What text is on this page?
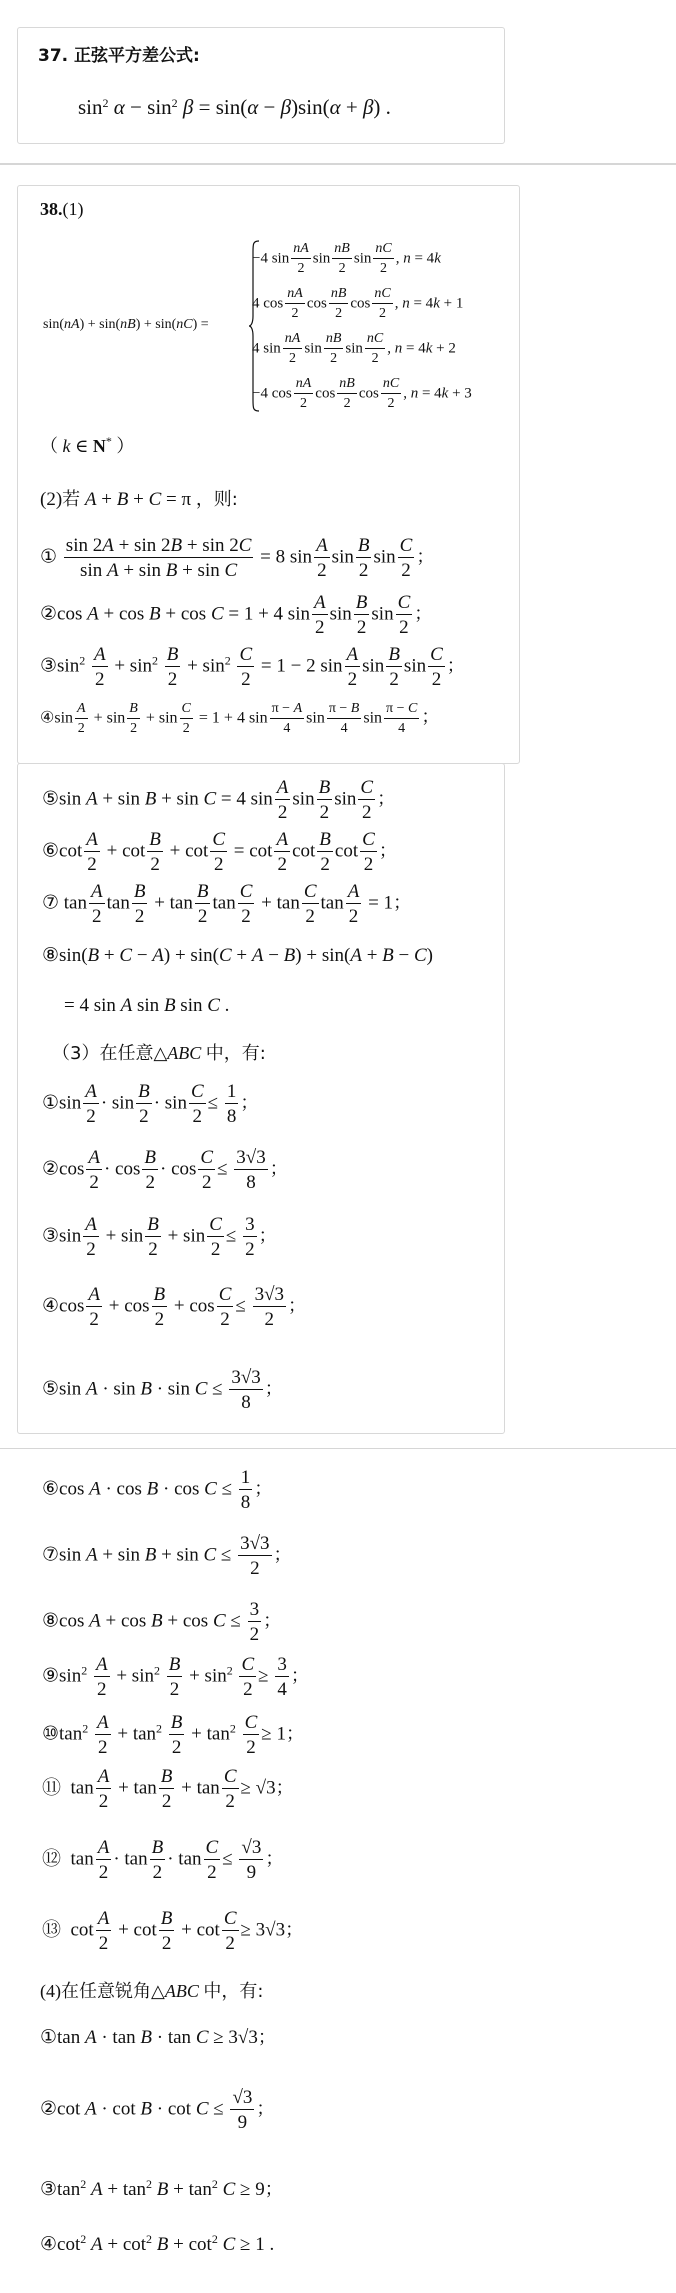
37. 正弦平方差公式:
$\sin^2 \alpha - \sin^2 \beta = \sin(\alpha - \beta)\sin(\alpha + \beta)$ .
38.(1)
sin(nA) + sin(nB) + sin(nC) =
−4 $\sin \frac{nA}{2}$ $\sin \frac{nB}{2}$ $\sin \frac{nC}{2}$ , n = 4k
4 $\cos \frac{nA}{2}$ $\cos \frac{nB}{2}$ $\cos \frac{nC}{2}$ , n = 4k + 1
4 $\sin \frac{nA}{2}$ $\sin \frac{nB}{2}$ $\sin \frac{nC}{2}$ , n = 4k + 2
−4 $\cos \frac{nA}{2}$ $\cos \frac{nB}{2}$ $\cos \frac{nC}{2}$ , n = 4k + 3
（ k ∈ N* ）
(2)若 A + B + C = π ，则:
① $\frac{\sin 2A + \sin 2B + \sin 2C}{\text{sin A + sin B + sin C}} = 8$ $\sin \frac{A}{2}$ $\sin \frac{B}{2}$ $\sin \frac{C}{2}$ ；
②cos A + cos B + cos C = 1 + 4 $\sin \frac{A}{2}$ $\sin \frac{B}{2}$ $\sin \frac{C}{2}$ ；
$③\sin^2 \frac{A}{2} + \sin^2 \frac{B}{2} + \sin^2 \frac{C}{2} = 1 - 2$ $\sin \frac{A}{2}$ $\sin \frac{B}{2}$ $\sin \frac{C}{2}$ ；
④sin $\frac{A}{2} + \sin \frac{B}{2} + \sin \frac{C}{2} = 1 + 4$ $\sin \frac{\pi - A}{4}$ $\sin \frac{\pi - B}{4}$ $\sin \frac{\pi - C}{4}$ ；
⑤sin A + sin B + sin C = 4 $\sin \frac{A}{2}$ $\sin \frac{B}{2}$ $\sin \frac{C}{2}$ ；
⑥cot $\frac{A}{2} + \cot \frac{B}{2} + \cot \frac{C}{2} = \cot \frac{A}{2}$ $\cot \frac{B}{2}$ $\cot \frac{C}{2}$ ；
⑦ $\tan \frac{A}{2}$ $\tan \frac{B}{2} + \tan \frac{B}{2}$ $\tan \frac{C}{2} + \tan \frac{C}{2}$ $\tan \frac{A}{2} = 1$；
⑧sin(B + C − A) + sin(C + A − B) + sin(A + B − C)
= 4 sin A sin B sin C .
（3）在任意△ABC 中，有:
①sin $\frac{A}{2} \cdot \sin \frac{B}{2} \cdot \sin \frac{C}{2} \le \frac{1}{8}$ ；
②cos $\frac{A}{2} \cdot \cos \frac{B}{2} \cdot \cos \frac{C}{2} \le \frac{3√3}{8}$ ；
③sin $\frac{A}{2} + \sin \frac{B}{2} + \sin \frac{C}{2} \le \frac{3}{2}$ ；
④cos $\frac{A}{2} + \cos \frac{B}{2} + \cos \frac{C}{2} \le \frac{3√3}{2}$ ；
⑤sin $A \cdot \sin B \cdot \sin C \le \frac{3√3}{8}$ ；
⑥cos $A \cdot \cos B \cdot \cos C \le \frac{1}{8}$ ；
⑦sin $A + \sin B + \sin C \le \frac{3√3}{2}$ ；
⑧cos $A + \cos B + \cos C \le \frac{3}{2}$ ；
$⑨\sin^2 \frac{A}{2} + \sin^2 \frac{B}{2} + \sin^2 \frac{C}{2} \ge \frac{3}{4}$ ；
$⑩\tan^2 \frac{A}{2} + \tan^2 \frac{B}{2} + \tan^2 \frac{C}{2} \ge 1$；
⑪  $\tan \frac{A}{2} + \tan \frac{B}{2} + \tan \frac{C}{2} \ge √3$；
⑫  $\tan \frac{A}{2} \cdot \tan \frac{B}{2} \cdot \tan \frac{C}{2} \le \frac{√3}{9}$ ；
⑬  $\cot \frac{A}{2} + \cot \frac{B}{2} + \cot \frac{C}{2} \ge 3√3$；
(4)在任意锐角△ABC 中，有:
①tan A · tan B · tan C ≥ 3√3；
②cot $A \cdot \cot B \cdot \cot C \le \frac{√3}{9}$ ；
$③\tan^2$ $A + \tan^2 B + \tan^2 C \ge 9$；
$④\cot^2$ $A + \cot^2 B + \cot^2 C \ge 1$ .
